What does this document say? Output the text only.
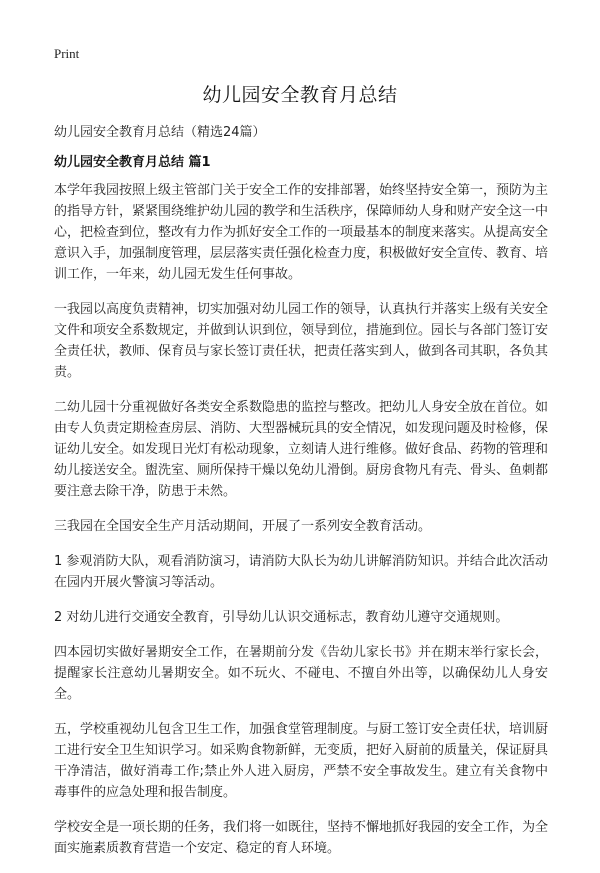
Print
幼儿园安全教育月总结

幼儿园安全教育月总结（精选24篇）

幼儿园安全教育月总结 篇1

本学年我园按照上级主管部门关于安全工作的安排部署，始终坚持安全第一，预防为主的指导方针，紧紧围绕维护幼儿园的教学和生活秩序，保障师幼人身和财产安全这一中心，把检查到位，整改有力作为抓好安全工作的一项最基本的制度来落实。从提高安全意识入手，加强制度管理，层层落实责任强化检查力度，积极做好安全宣传、教育、培训工作，一年来，幼儿园无发生任何事故。

一我园以高度负责精神，切实加强对幼儿园工作的领导，认真执行并落实上级有关安全文件和项安全系数规定，并做到认识到位，领导到位，措施到位。园长与各部门签订安全责任状，教师、保育员与家长签订责任状，把责任落实到人，做到各司其职，各负其责。

二幼儿园十分重视做好各类安全系数隐患的监控与整改。把幼儿人身安全放在首位。如由专人负责定期检查房层、消防、大型器械玩具的安全情况，如发现问题及时检修，保证幼儿安全。如发现日光灯有松动现象，立刻请人进行维修。做好食品、药物的管理和幼儿接送安全。盥洗室、厕所保持干燥以免幼儿滑倒。厨房食物凡有壳、骨头、鱼刺都要注意去除干净，防患于未然。

三我园在全国安全生产月活动期间，开展了一系列安全教育活动。

1 参观消防大队，观看消防演习，请消防大队长为幼儿讲解消防知识。并结合此次活动在园内开展火警演习等活动。

2 对幼儿进行交通安全教育，引导幼儿认识交通标志，教育幼儿遵守交通规则。

四本园切实做好暑期安全工作，在暑期前分发《告幼儿家长书》并在期末举行家长会，提醒家长注意幼儿暑期安全。如不玩火、不碰电、不擅自外出等，以确保幼儿人身安全。

五，学校重视幼儿包含卫生工作，加强食堂管理制度。与厨工签订安全责任状，培训厨工进行安全卫生知识学习。如采购食物新鲜，无变质，把好入厨前的质量关，保证厨具干净清洁，做好消毒工作;禁止外人进入厨房，严禁不安全事故发生。建立有关食物中毒事件的应急处理和报告制度。

学校安全是一项长期的任务，我们将一如既往，坚持不懈地抓好我园的安全工作，为全面实施素质教育营造一个安定、稳定的育人环境。
